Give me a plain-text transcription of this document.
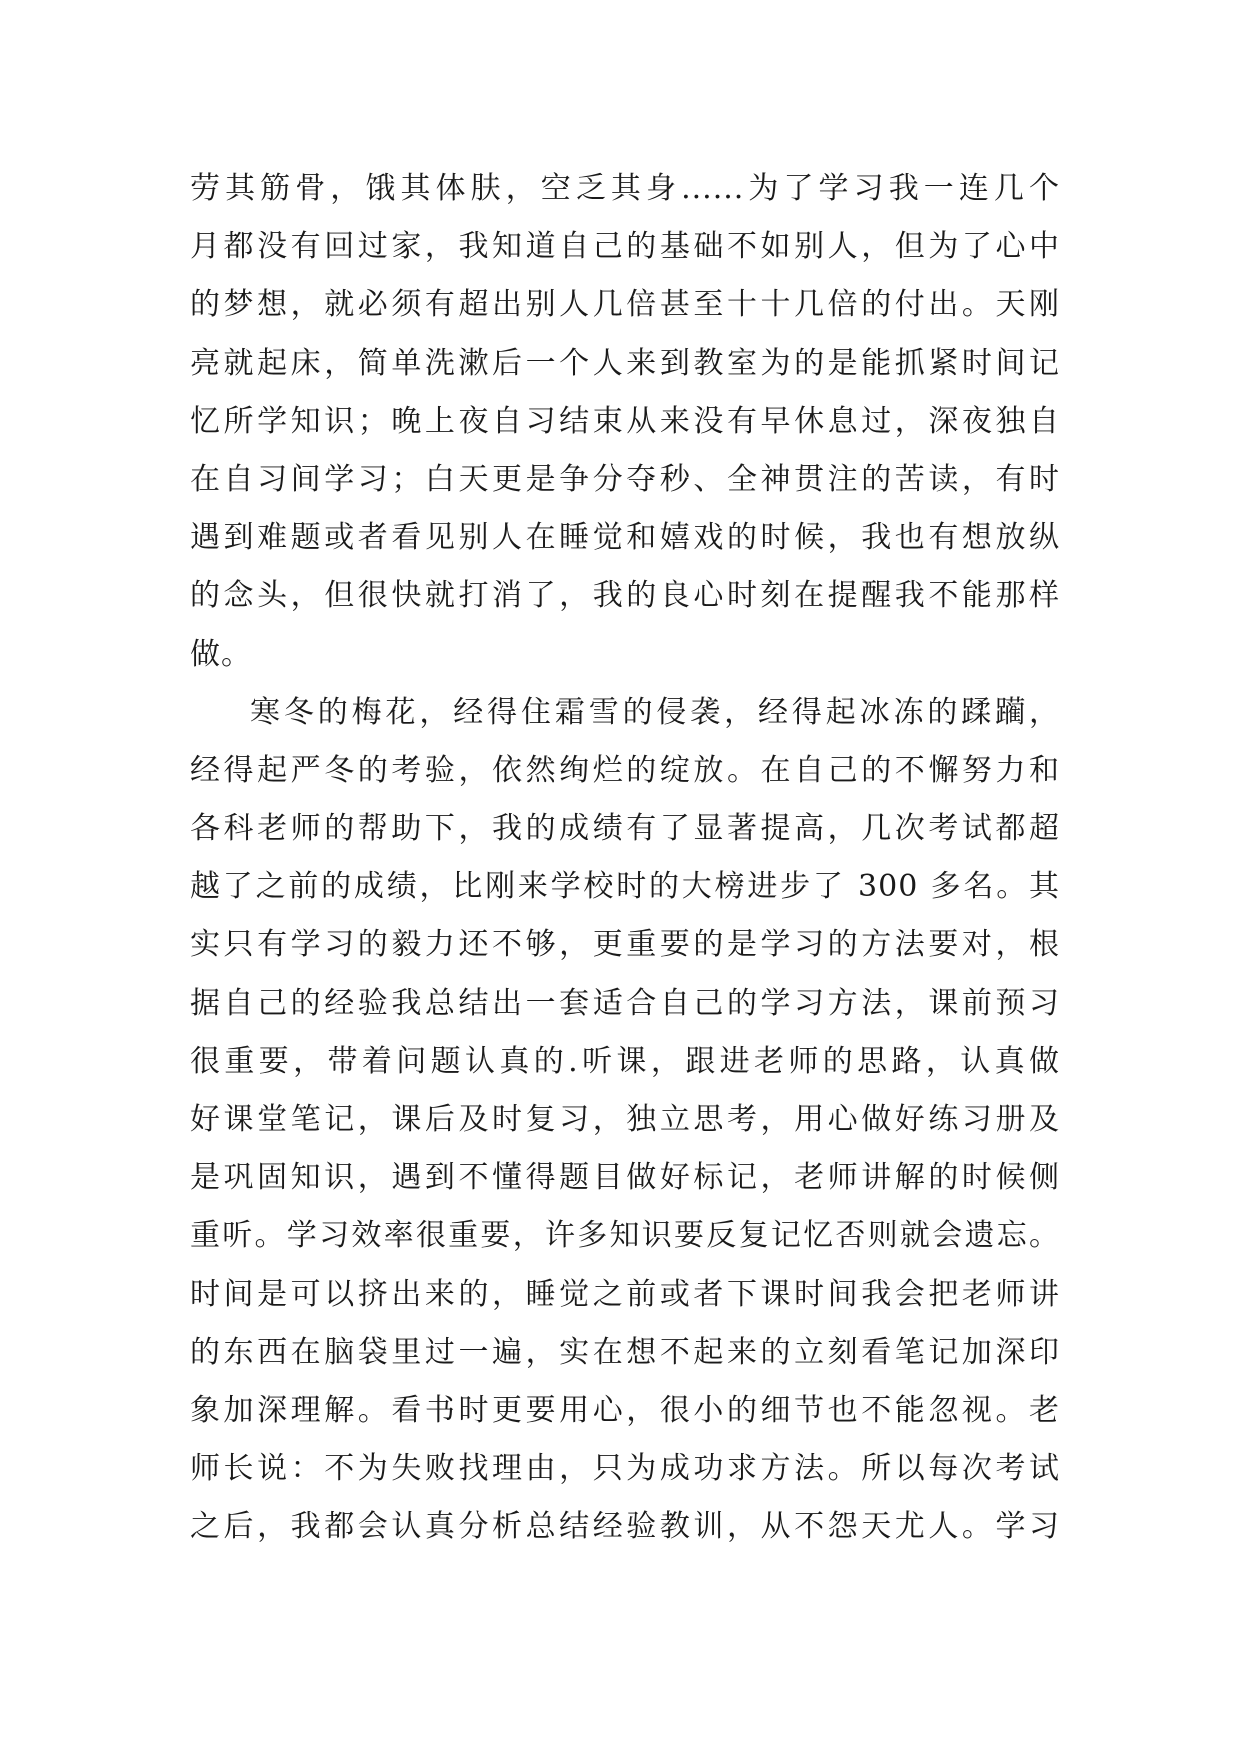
劳其筋骨，饿其体肤，空乏其身......为了学习我一连几个
月都没有回过家，我知道自己的基础不如别人，但为了心中
的梦想，就必须有超出别人几倍甚至十十几倍的付出。天刚
亮就起床，简单洗漱后一个人来到教室为的是能抓紧时间记
忆所学知识；晚上夜自习结束从来没有早休息过，深夜独自
在自习间学习；白天更是争分夺秒、全神贯注的苦读，有时
遇到难题或者看见别人在睡觉和嬉戏的时候，我也有想放纵
的念头，但很快就打消了，我的良心时刻在提醒我不能那样
做。
寒冬的梅花，经得住霜雪的侵袭，经得起冰冻的蹂躏，
经得起严冬的考验，依然绚烂的绽放。在自己的不懈努力和
各科老师的帮助下，我的成绩有了显著提高，几次考试都超
越了之前的成绩，比刚来学校时的大榜进步了 300 多名。其
实只有学习的毅力还不够，更重要的是学习的方法要对，根
据自己的经验我总结出一套适合自己的学习方法，课前预习
很重要，带着问题认真的.听课，跟进老师的思路，认真做
好课堂笔记，课后及时复习，独立思考，用心做好练习册及
是巩固知识，遇到不懂得题目做好标记，老师讲解的时候侧
重听。学习效率很重要，许多知识要反复记忆否则就会遗忘。
时间是可以挤出来的，睡觉之前或者下课时间我会把老师讲
的东西在脑袋里过一遍，实在想不起来的立刻看笔记加深印
象加深理解。看书时更要用心，很小的细节也不能忽视。老
师长说：不为失败找理由，只为成功求方法。所以每次考试
之后，我都会认真分析总结经验教训，从不怨天尤人。学习
